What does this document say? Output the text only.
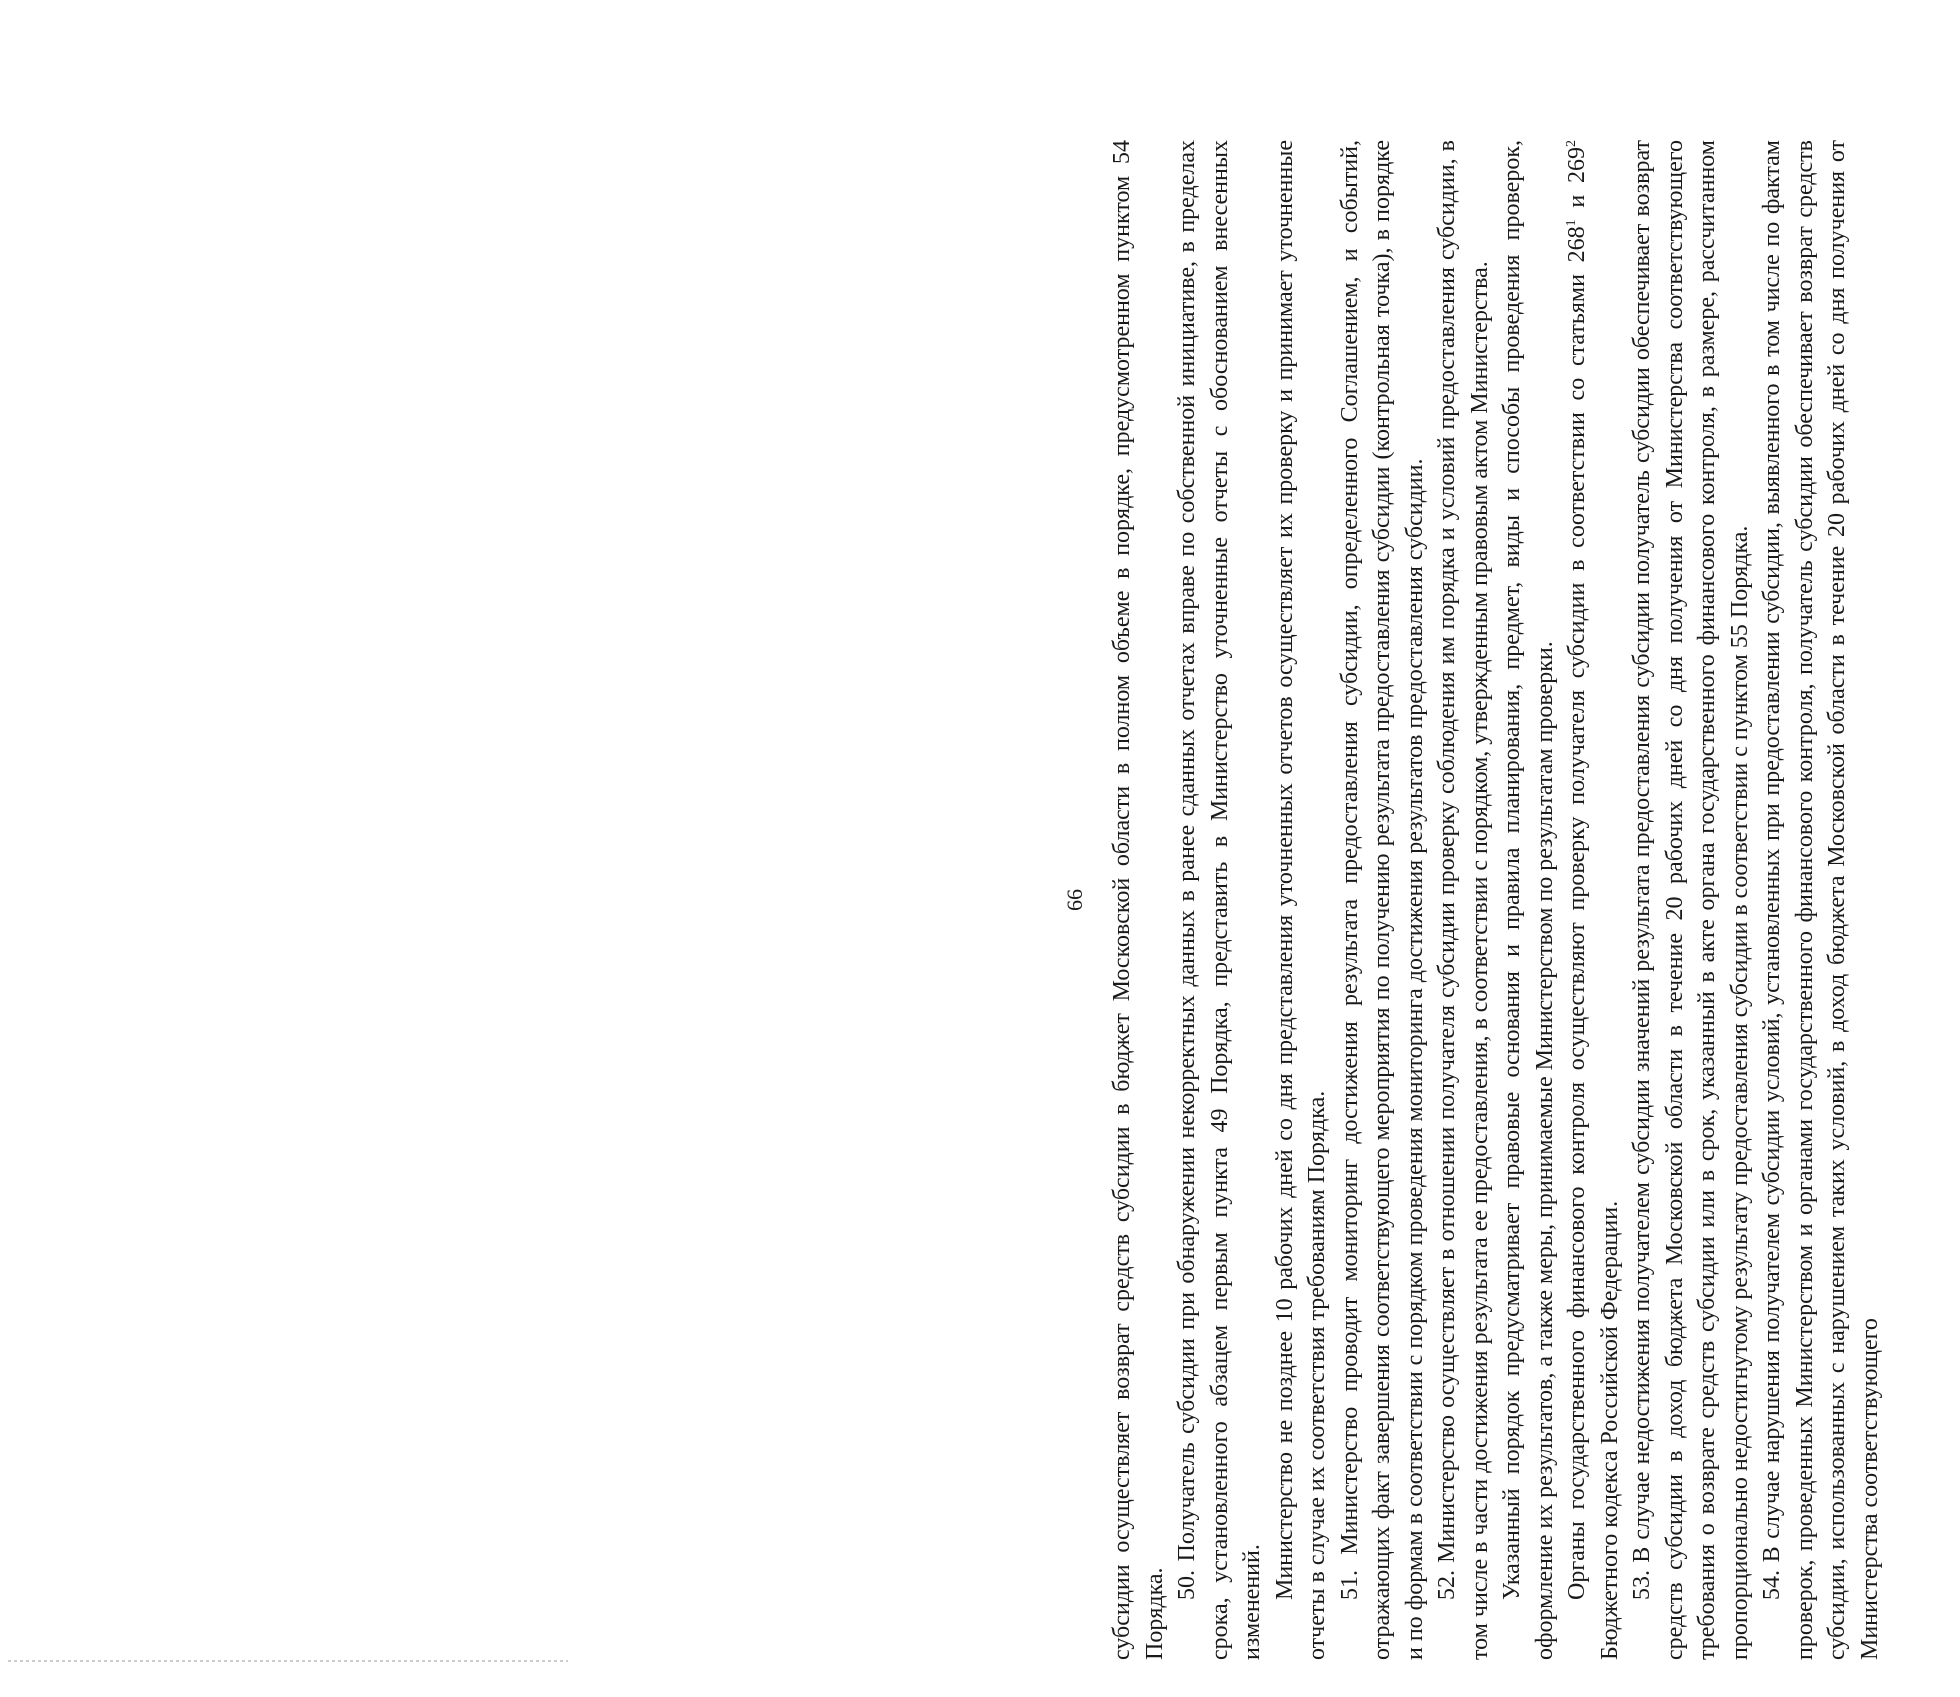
66 субсидии осуществляет возврат средств субсидии в бюджет Московской области в полном объеме в порядке, предусмотренном пунктом 54 Порядка.

50. Получатель субсидии при обнаружении некорректных данных в ранее сданных отчетах вправе по собственной инициативе, в пределах срока, установленного абзацем первым пункта 49 Порядка, представить в Министерство уточненные отчеты с обоснованием внесенных изменений.

Министерство не позднее 10 рабочих дней со дня представления уточненных отчетов осуществляет их проверку и принимает уточненные отчеты в случае их соответствия требованиям Порядка. 51. Министерство проводит мониторинг достижения результата предоставления субсидии, определенного Соглашением, и событий, отражающих факт завершения соответствующего мероприятия по получению результата предоставления субсидии (контрольная точка), в порядке и по формам в соответствии с порядком проведения мониторинга достижения результатов предоставления субсидии. 52. Министерство осуществляет в отношении получателя субсидии проверку соблюдения им порядка и условий предоставления субсидии, в том числе в части достижения результата ее предоставления, в соответствии с порядком, утвержденным правовым актом Министерства. Указанный порядок предусматривает правовые основания и правила планирования, предмет, виды и способы проведения проверок, оформление их результатов, а также меры, принимаемые Министерством по результатам проверки. Органы государственного финансового контроля осуществляют проверку получателя субсидии в соответствии со статьями $268^1$ и $269^2$ Бюджетного кодекса Российской Федерации. 53. В случае недостижения получателем субсидии значений результата предоставления субсидии получатель субсидии обеспечивает возврат средств субсидии в доход бюджета Московской области в течение 20 рабочих дней со дня получения от Министерства соответствующего требования о возврате средств субсидии или в срок, указанный в акте органа государственного финансового контроля, в размере, рассчитанном пропорционально недостигнутому результату предоставления субсидии в соответствии с пунктом 55 Порядка. 54. В случае нарушения получателем субсидии условий, установленных при предоставлении субсидии, выявленного в том числе по фактам проверок, проведенных Министерством и органами государственного финансового контроля, получатель субсидии обеспечивает возврат средств субсидии, использованных с нарушением таких условий, в доход бюджета Московской области в течение 20 рабочих дней со дня получения от Министерства соответствующего
